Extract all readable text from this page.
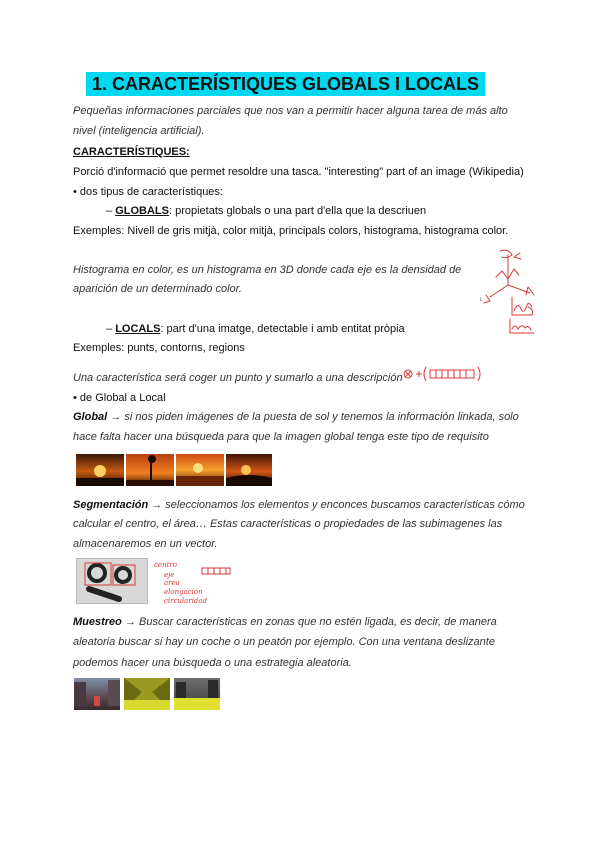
1. CARACTERÍSTIQUES GLOBALS I LOCALS
Pequeñas informaciones parciales que nos van a permitir hacer alguna tarea de más alto
nivel (inteligencia artificial).
CARACTERÍSTIQUES:
Porció d'informació que permet resoldre una tasca. "interesting" part of an image (Wikipedia)
• dos tipus de característiques:
– GLOBALS: propietats globals o una part d'ella que la descriuen
Exemples: Nivell de gris mitjà, color mitjà, principals colors, histograma, histograma color.
Histograma en color, es un histograma en 3D donde cada eje es la densidad de
aparición de un determinado color.
L
– LOCALS: part d'una imatge, detectable i amb entitat pròpia
Exemples: punts, contorns, regions
Una característica será coger un punto y sumarlo a una descripción
• de Global a Local
Global → si nos piden imágenes de la puesta de sol y tenemos la información linkada, solo
hace falta hacer una búsqueda para que la imagen global tenga este tipo de requisito
Segmentación → seleccionamos los elementos y enconces buscamos características cómo
calcular el centro, el área… Estas características o propiedades de las subimagenes las
almacenaremos en un vector.
centro
eje
área
elongación
circularidad
Muestreo → Buscar características en zonas que no estén ligada, es decir, de manera
aleatoria buscar si hay un coche o un peatón por ejemplo. Con una ventana deslizante
podemos hacer una búsqueda o una estrategia aleatoria.
